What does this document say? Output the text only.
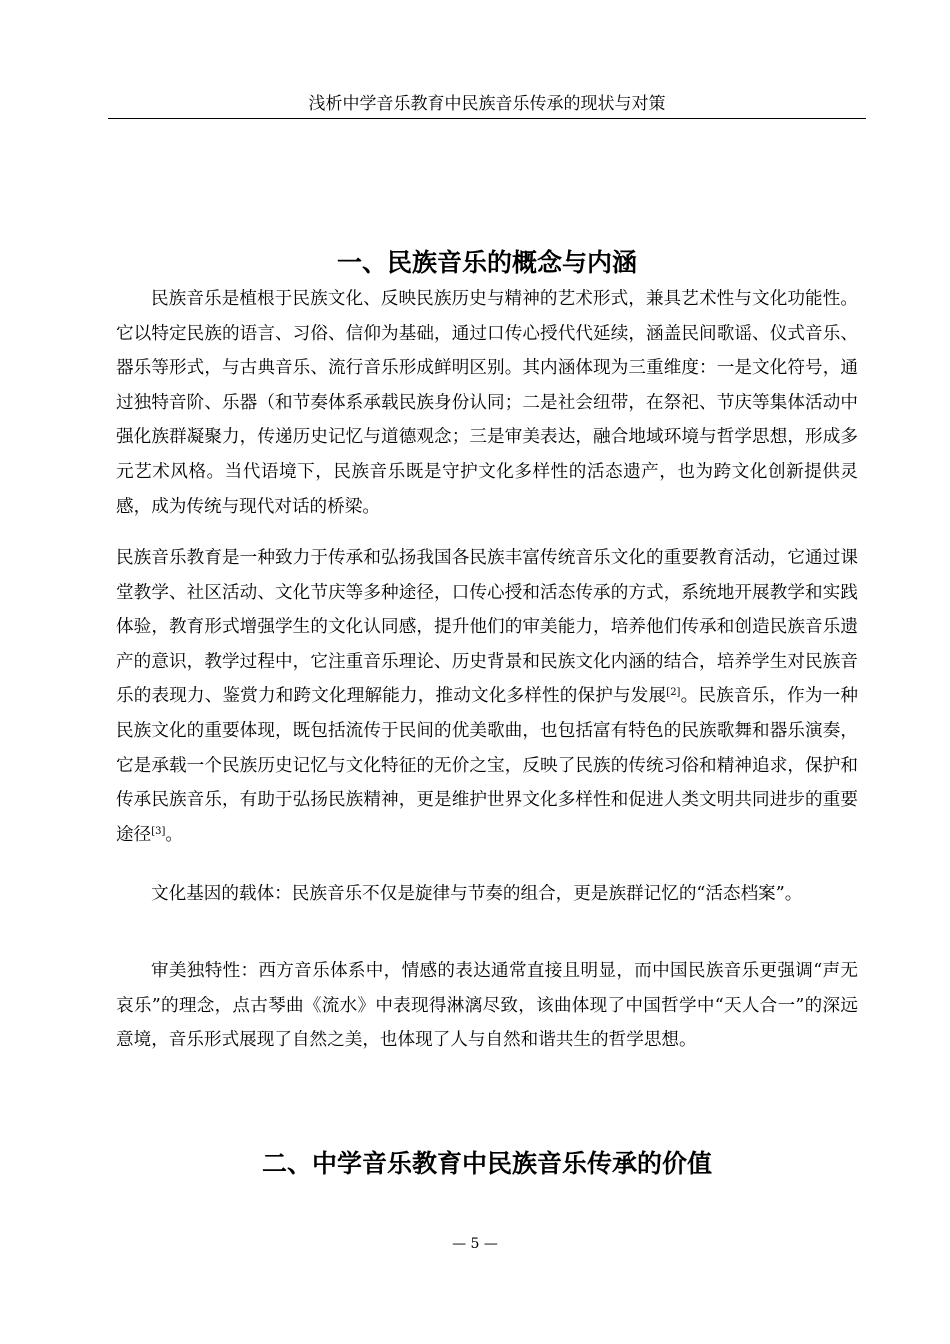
浅析中学音乐教育中民族音乐传承的现状与对策
一、民族音乐的概念与内涵

民族音乐是植根于民族文化、反映民族历史与精神的艺术形式，兼具艺术性与文化功能性。它以特定民族的语言、习俗、信仰为基础，通过口传心授代代延续，涵盖民间歌谣、仪式音乐、器乐等形式，与古典音乐、流行音乐形成鲜明区别。其内涵体现为三重维度：一是文化符号，通过独特音阶、乐器（和节奏体系承载民族身份认同；二是社会纽带，在祭祀、节庆等集体活动中强化族群凝聚力，传递历史记忆与道德观念；三是审美表达，融合地域环境与哲学思想，形成多元艺术风格。当代语境下，民族音乐既是守护文化多样性的活态遗产，也为跨文化创新提供灵感，成为传统与现代对话的桥梁。

民族音乐教育是一种致力于传承和弘扬我国各民族丰富传统音乐文化的重要教育活动，它通过课堂教学、社区活动、文化节庆等多种途径，口传心授和活态传承的方式，系统地开展教学和实践体验，教育形式增强学生的文化认同感，提升他们的审美能力，培养他们传承和创造民族音乐遗产的意识，教学过程中，它注重音乐理论、历史背景和民族文化内涵的结合，培养学生对民族音乐的表现力、鉴赏力和跨文化理解能力，推动文化多样性的保护与发展[2]。民族音乐，作为一种民族文化的重要体现，既包括流传于民间的优美歌曲，也包括富有特色的民族歌舞和器乐演奏，它是承载一个民族历史记忆与文化特征的无价之宝，反映了民族的传统习俗和精神追求，保护和传承民族音乐，有助于弘扬民族精神，更是维护世界文化多样性和促进人类文明共同进步的重要途径[3]。

文化基因的载体：民族音乐不仅是旋律与节奏的组合，更是族群记忆的“活态档案”。

审美独特性：西方音乐体系中，情感的表达通常直接且明显，而中国民族音乐更强调“声无哀乐”的理念，点古琴曲《流水》中表现得淋漓尽致，该曲体现了中国哲学中“天人合一”的深远意境，音乐形式展现了自然之美，也体现了人与自然和谐共生的哲学思想。

二、中学音乐教育中民族音乐传承的价值
— 5 —
